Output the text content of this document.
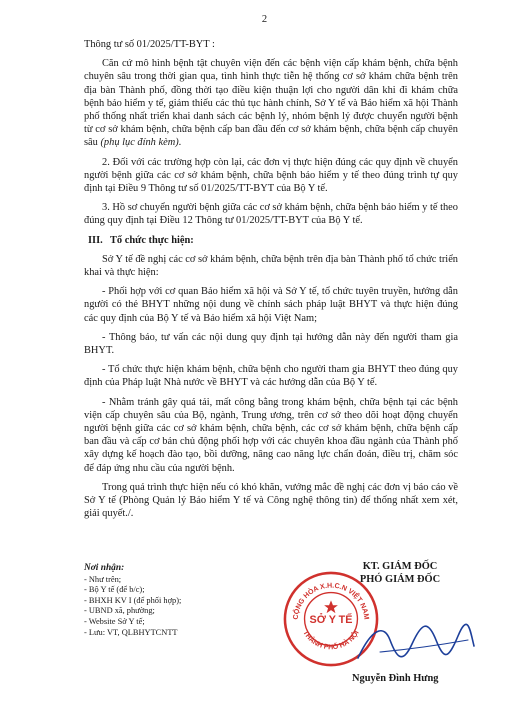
2

Thông tư số 01/2025/TT-BYT :

Căn cứ mô hình bệnh tật chuyên viện đến các bệnh viện cấp khám bệnh, chữa bệnh chuyên sâu trong thời gian qua, tình hình thực tiễn hệ thống cơ sở khám chữa bệnh trên địa bàn Thành phố, đồng thời tạo điều kiện thuận lợi cho người dân khi đi khám chữa bệnh bảo hiểm y tế, giảm thiểu các thủ tục hành chính, Sở Y tế và Bảo hiểm xã hội Thành phố thống nhất triển khai danh sách các bệnh lý, nhóm bệnh lý được chuyển người bệnh từ cơ sở khám bệnh, chữa bệnh cấp ban đầu đến cơ sở khám bệnh, chữa bệnh cấp chuyên sâu (phụ lục đính kèm).

2. Đối với các trường hợp còn lại, các đơn vị thực hiện đúng các quy định về chuyển người bệnh giữa các cơ sở khám bệnh, chữa bệnh bảo hiểm y tế theo đúng trình tự quy định tại Điều 9 Thông tư số 01/2025/TT-BYT của Bộ Y tế.

3. Hồ sơ chuyển người bệnh giữa các cơ sở khám bệnh, chữa bệnh bảo hiểm y tế theo đúng quy định tại Điều 12 Thông tư 01/2025/TT-BYT của Bộ Y tế.

III. Tổ chức thực hiện:

Sở Y tế đề nghị các cơ sở khám bệnh, chữa bệnh trên địa bàn Thành phố tổ chức triển khai và thực hiện:

- Phối hợp với cơ quan Bảo hiểm xã hội và Sở Y tế, tổ chức tuyên truyền, hướng dẫn người có thẻ BHYT những nội dung về chính sách pháp luật BHYT và thực hiện đúng các quy định của Bộ Y tế và Bảo hiểm xã hội Việt Nam;

- Thông báo, tư vấn các nội dung quy định tại hướng dẫn này đến người tham gia BHYT.

- Tổ chức thực hiện khám bệnh, chữa bệnh cho người tham gia BHYT theo đúng quy định của Pháp luật Nhà nước về BHYT và các hướng dẫn của Bộ Y tế.

- Nhằm tránh gây quá tải, mất công bằng trong khám bệnh, chữa bệnh tại các bệnh viện cấp chuyên sâu của Bộ, ngành, Trung ương, trên cơ sở theo dõi hoạt động chuyển người bệnh giữa các cơ sở khám bệnh, chữa bệnh, các cơ sở khám bệnh, chữa bệnh cấp ban đầu và cấp cơ bản chủ động phối hợp với các chuyên khoa đầu ngành của Thành phố xây dựng kế hoạch đào tạo, bồi dưỡng, nâng cao năng lực chẩn đoán, điều trị, chăm sóc để đáp ứng nhu cầu của người bệnh.

Trong quá trình thực hiện nếu có khó khăn, vướng mắc đề nghị các đơn vị báo cáo về Sở Y tế (Phòng Quản lý Bảo hiểm Y tế và Công nghệ thông tin) để thống nhất xem xét, giải quyết./.

Nơi nhận:
- Như trên;
- Bộ Y tế (để b/c);
- BHXH KV I (để phối hợp);
- UBND xã, phường;
- Website Sở Y tế;
- Lưu: VT, QLBHYTCNTT
KT. GIÁM ĐỐC
PHÓ GIÁM ĐỐC
CỘNG HÒA X.H.C.N VIỆT NAM
THÀNH PHỐ HÀ NỘI
SỞ Y TẾ
Nguyễn Đình Hưng
